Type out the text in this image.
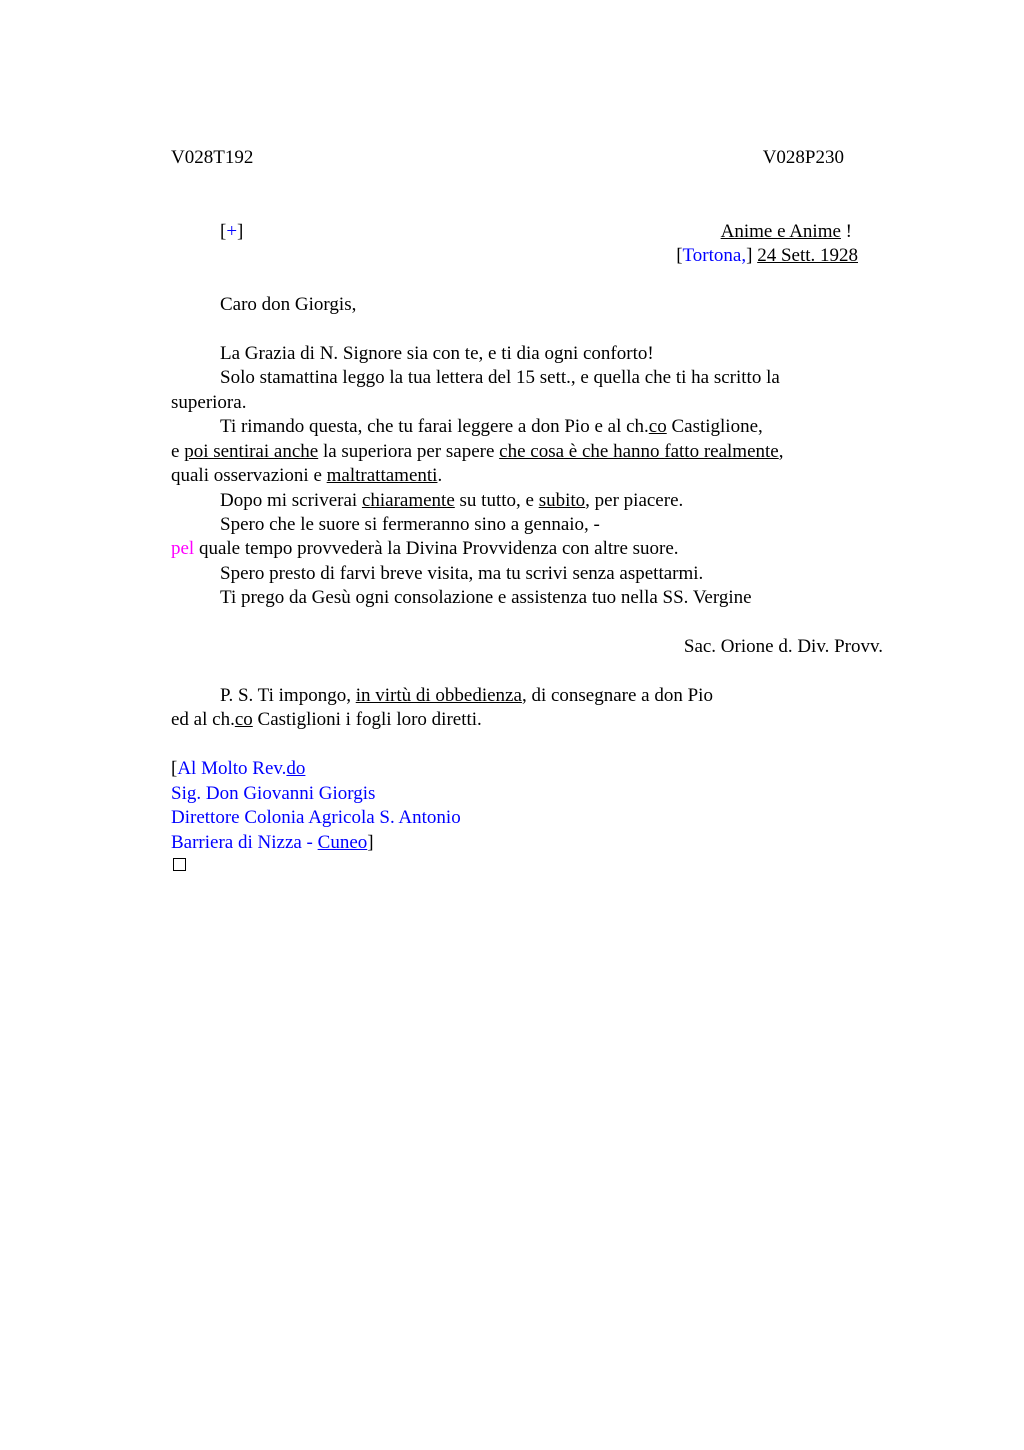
V028T192	V028P230
[+]	Anime e Anime !
[Tortona,] 24 Sett. 1928
Caro don Giorgis,
La Grazia di N. Signore sia con te, e ti dia ogni conforto!
Solo stamattina leggo la tua lettera del 15 sett., e quella che ti ha scritto la
superiora.
Ti rimando questa, che tu farai leggere a don Pio e al ch.co Castiglione,
e poi sentirai anche la superiora per sapere che cosa è che hanno fatto realmente,
quali osservazioni e maltrattamenti.
Dopo mi scriverai chiaramente su tutto, e subito, per piacere.
Spero che le suore si fermeranno sino a gennaio, -
pel quale tempo provvederà la Divina Provvidenza con altre suore.
Spero presto di farvi breve visita, ma tu scrivi senza aspettarmi.
Ti prego da Gesù ogni consolazione e assistenza tuo nella SS. Vergine
Sac. Orione d. Div. Provv.
P. S. Ti impongo, in virtù di obbedienza, di consegnare a don Pio
ed al ch.co Castiglioni i fogli loro diretti.
[Al Molto Rev.do
Sig. Don Giovanni Giorgis
Direttore Colonia Agricola S. Antonio
Barriera di Nizza - Cuneo]
